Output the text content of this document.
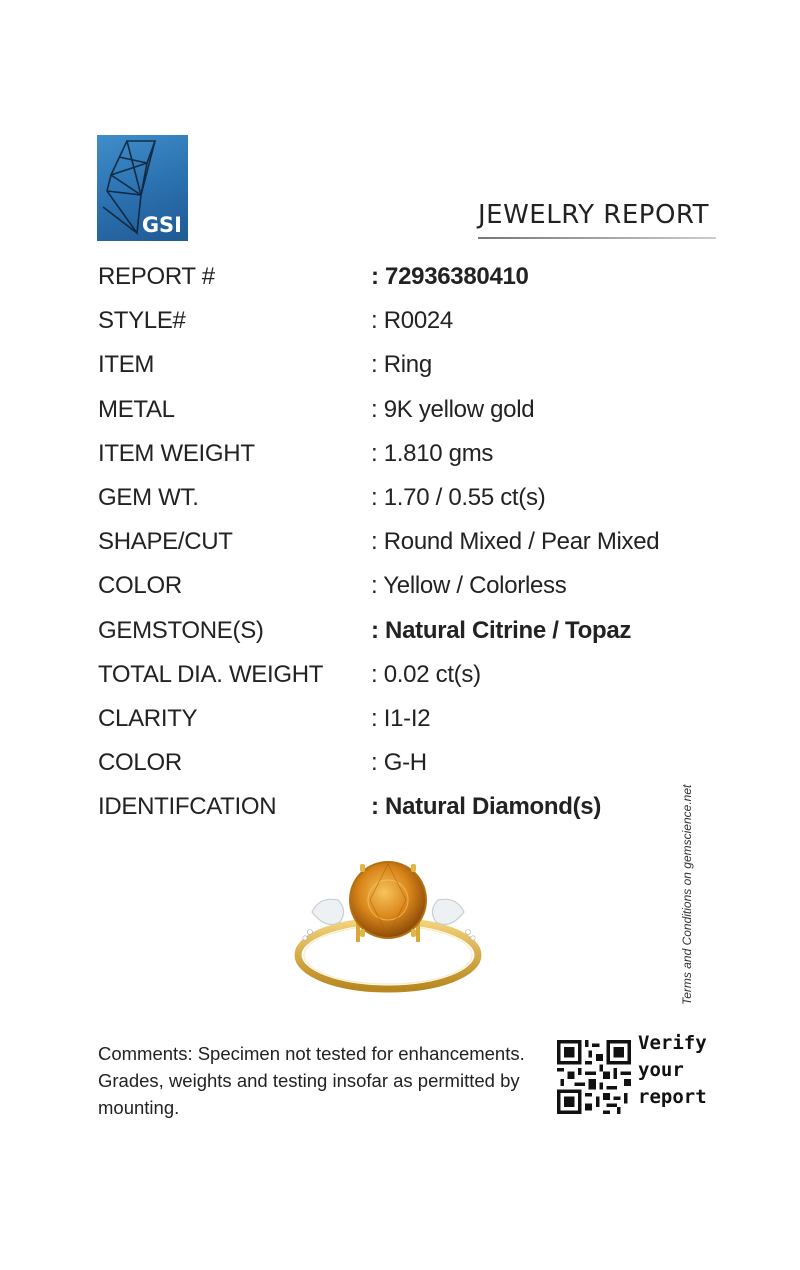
GSI	JEWELRY REPORT
REPORT #	: 72936380410
STYLE#	: R0024
ITEM	: Ring
METAL	: 9K yellow gold
ITEM WEIGHT	: 1.810 gms
GEM WT.	: 1.70 / 0.55 ct(s)
SHAPE/CUT	: Round Mixed / Pear Mixed
COLOR	: Yellow / Colorless
GEMSTONE(S)	: Natural Citrine / Topaz
TOTAL DIA. WEIGHT : 0.02 ct(s)
CLARITY	: I1-I2
COLOR	: G-H
IDENTIFCATION	: Natural Diamond(s)	Terms and Conditions on gemscience.net
Comments: Specimen not tested for enhancements. Grades, weights and testing insofar as permitted by mounting.
Verify
your
report
